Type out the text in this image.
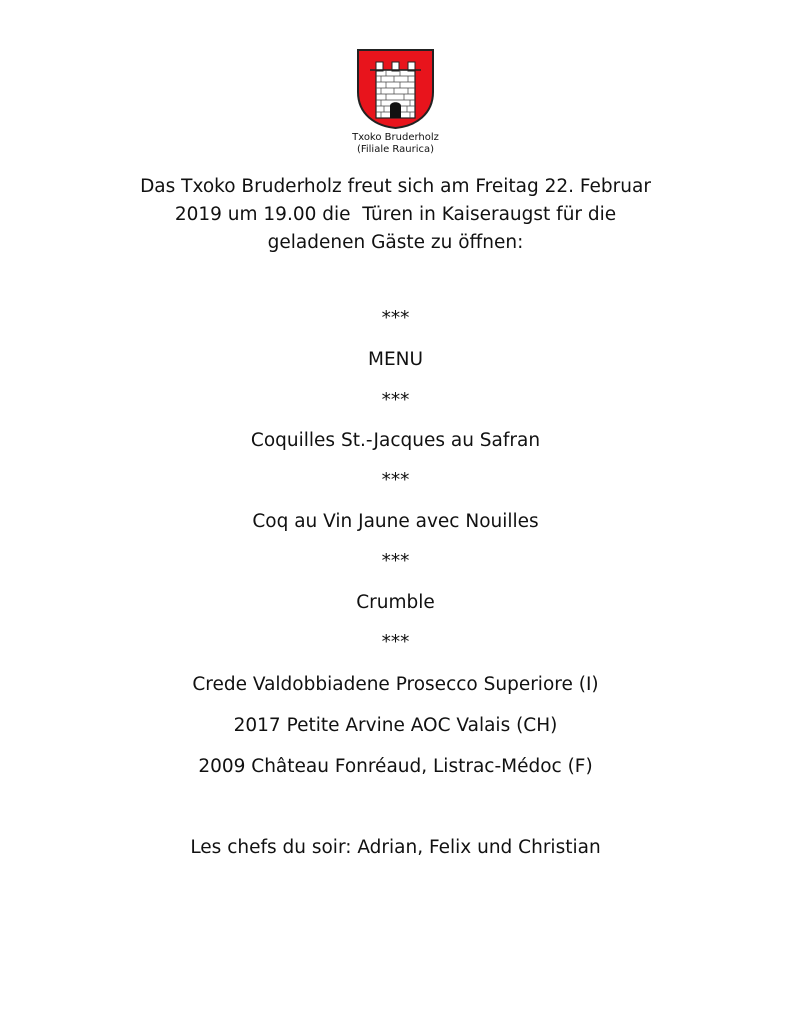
Txoko Bruderholz
(Filiale Raurica)
Das Txoko Bruderholz freut sich am Freitag 22. Februar
2019 um 19.00 die  Türen in Kaiseraugst für die
geladenen Gäste zu öffnen:
***
MENU
***
Coquilles St.-Jacques au Safran
***
Coq au Vin Jaune avec Nouilles
***
Crumble
***
Crede Valdobbiadene Prosecco Superiore (I)
2017 Petite Arvine AOC Valais (CH)
2009 Château Fonréaud, Listrac-Médoc (F)
Les chefs du soir: Adrian, Felix und Christian
